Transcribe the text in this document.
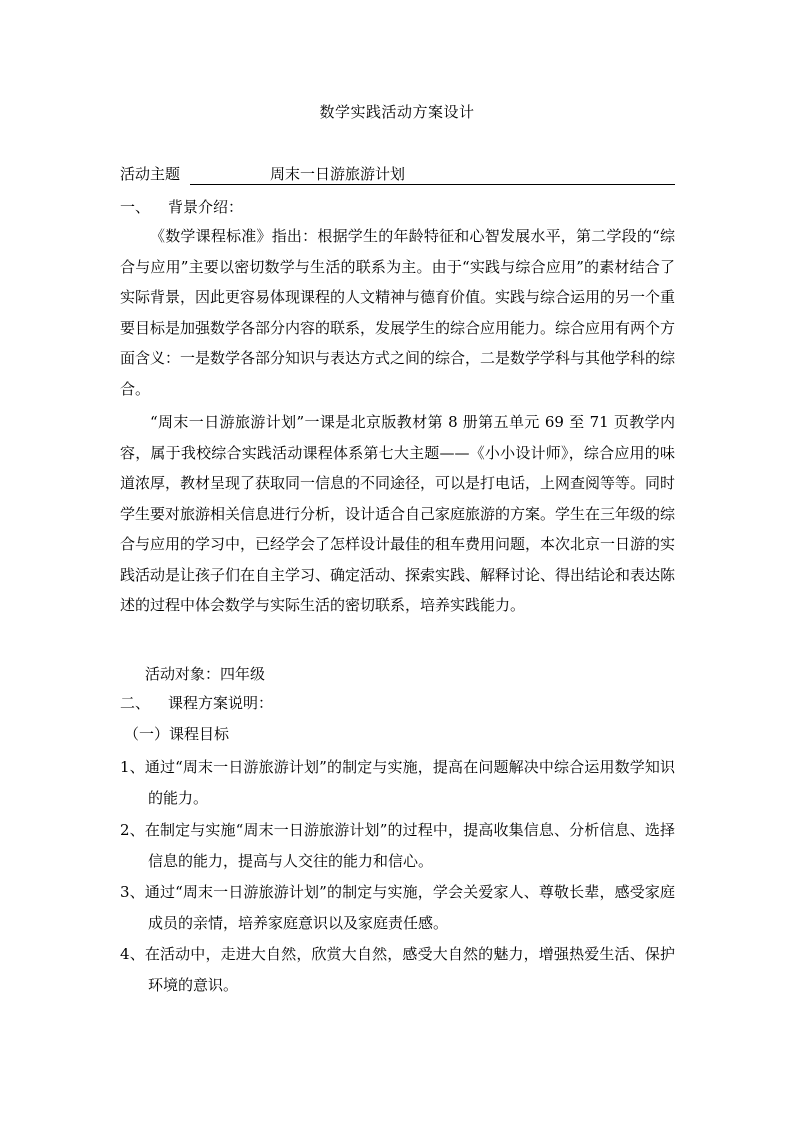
数学实践活动方案设计
活动主题	周末一日游旅游计划
一、 背景介绍：

《数学课程标准》指出：根据学生的年龄特征和心智发展水平，第二学段的“综合与应用”主要以密切数学与生活的联系为主。由于“实践与综合应用”的素材结合了实际背景，因此更容易体现课程的人文精神与德育价值。实践与综合运用的另一个重要目标是加强数学各部分内容的联系，发展学生的综合应用能力。综合应用有两个方面含义：一是数学各部分知识与表达方式之间的综合，二是数学学科与其他学科的综合。

“周末一日游旅游计划”一课是北京版教材第 8 册第五单元 69 至 71 页教学内容，属于我校综合实践活动课程体系第七大主题——《小小设计师》，综合应用的味道浓厚，教材呈现了获取同一信息的不同途径，可以是打电话，上网查阅等等。同时学生要对旅游相关信息进行分析，设计适合自己家庭旅游的方案。学生在三年级的综合与应用的学习中，已经学会了怎样设计最佳的租车费用问题，本次北京一日游的实践活动是让孩子们在自主学习、确定活动、探索实践、解释讨论、得出结论和表达陈述的过程中体会数学与实际生活的密切联系，培养实践能力。

活动对象：四年级
二、 课程方案说明：
（一）课程目标

1、通过“周末一日游旅游计划”的制定与实施，提高在问题解决中综合运用数学知识的能力。

2、在制定与实施“周末一日游旅游计划”的过程中，提高收集信息、分析信息、选择信息的能力，提高与人交往的能力和信心。

3、通过“周末一日游旅游计划”的制定与实施，学会关爱家人、尊敬长辈，感受家庭成员的亲情，培养家庭意识以及家庭责任感。

4、在活动中，走进大自然，欣赏大自然，感受大自然的魅力，增强热爱生活、保护环境的意识。
